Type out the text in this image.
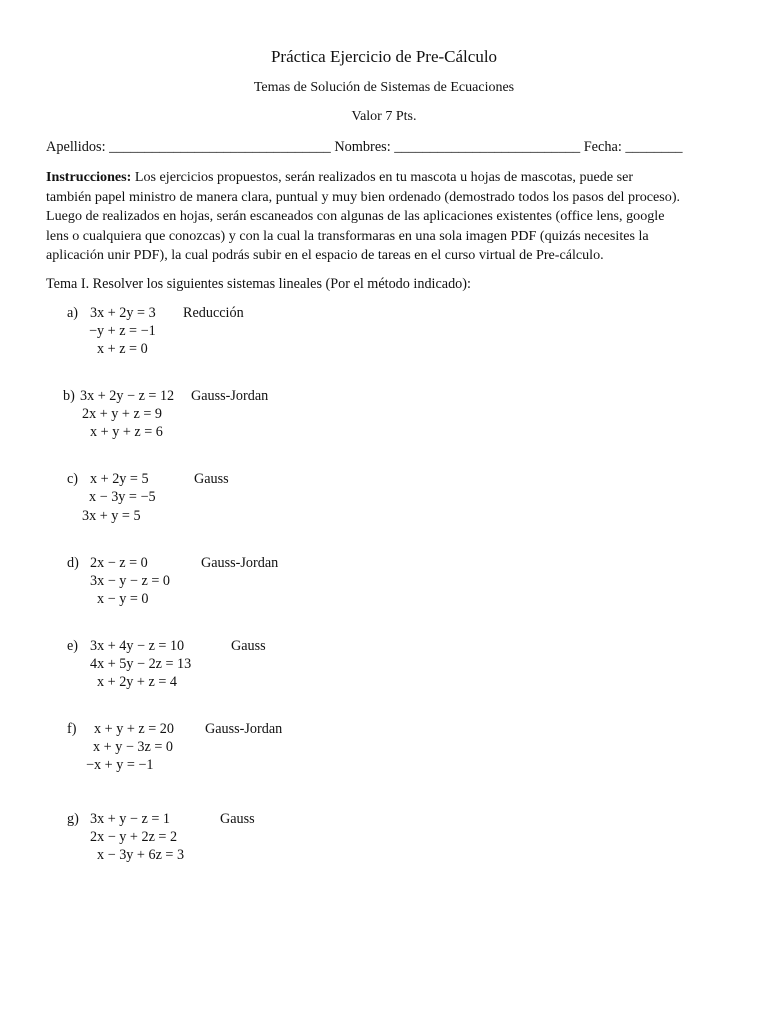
Práctica Ejercicio de Pre-Cálculo
Temas de Solución de Sistemas de Ecuaciones
Valor 7 Pts.
Apellidos: _______________________________ Nombres: __________________________ Fecha: ________
Instrucciones: Los ejercicios propuestos, serán realizados en tu mascota u hojas de mascotas, puede ser
también papel ministro de manera clara, puntual y muy bien ordenado (demostrado todos los pasos del proceso).
Luego de realizados en hojas, serán escaneados con algunas de las aplicaciones existentes (office lens, google
lens o cualquiera que conozcas) y con la cual la transformaras en una sola imagen PDF (quizás necesites la
aplicación unir PDF), la cual podrás subir en el espacio de tareas en el curso virtual de Pre-cálculo.
Tema I. Resolver los siguientes sistemas lineales (Por el método indicado):
a) 3x + 2y = 3
−y + z = −1
x + z = 0
Reducción
b) 3x + 2y − z = 12
2x + y + z = 9
x + y + z = 6
Gauss-Jordan
c) x + 2y = 5
x − 3y = −5
3x + y = 5
Gauss
d) 2x − z = 0
3x − y − z = 0
x − y = 0
Gauss-Jordan
e) 3x + 4y − z = 10
4x + 5y − 2z = 13
x + 2y + z = 4
Gauss
f) x + y + z = 20
x + y − 3z = 0
−x + y = −1
Gauss-Jordan
g) 3x + y − z = 1
2x − y + 2z = 2
x − 3y + 6z = 3
Gauss
